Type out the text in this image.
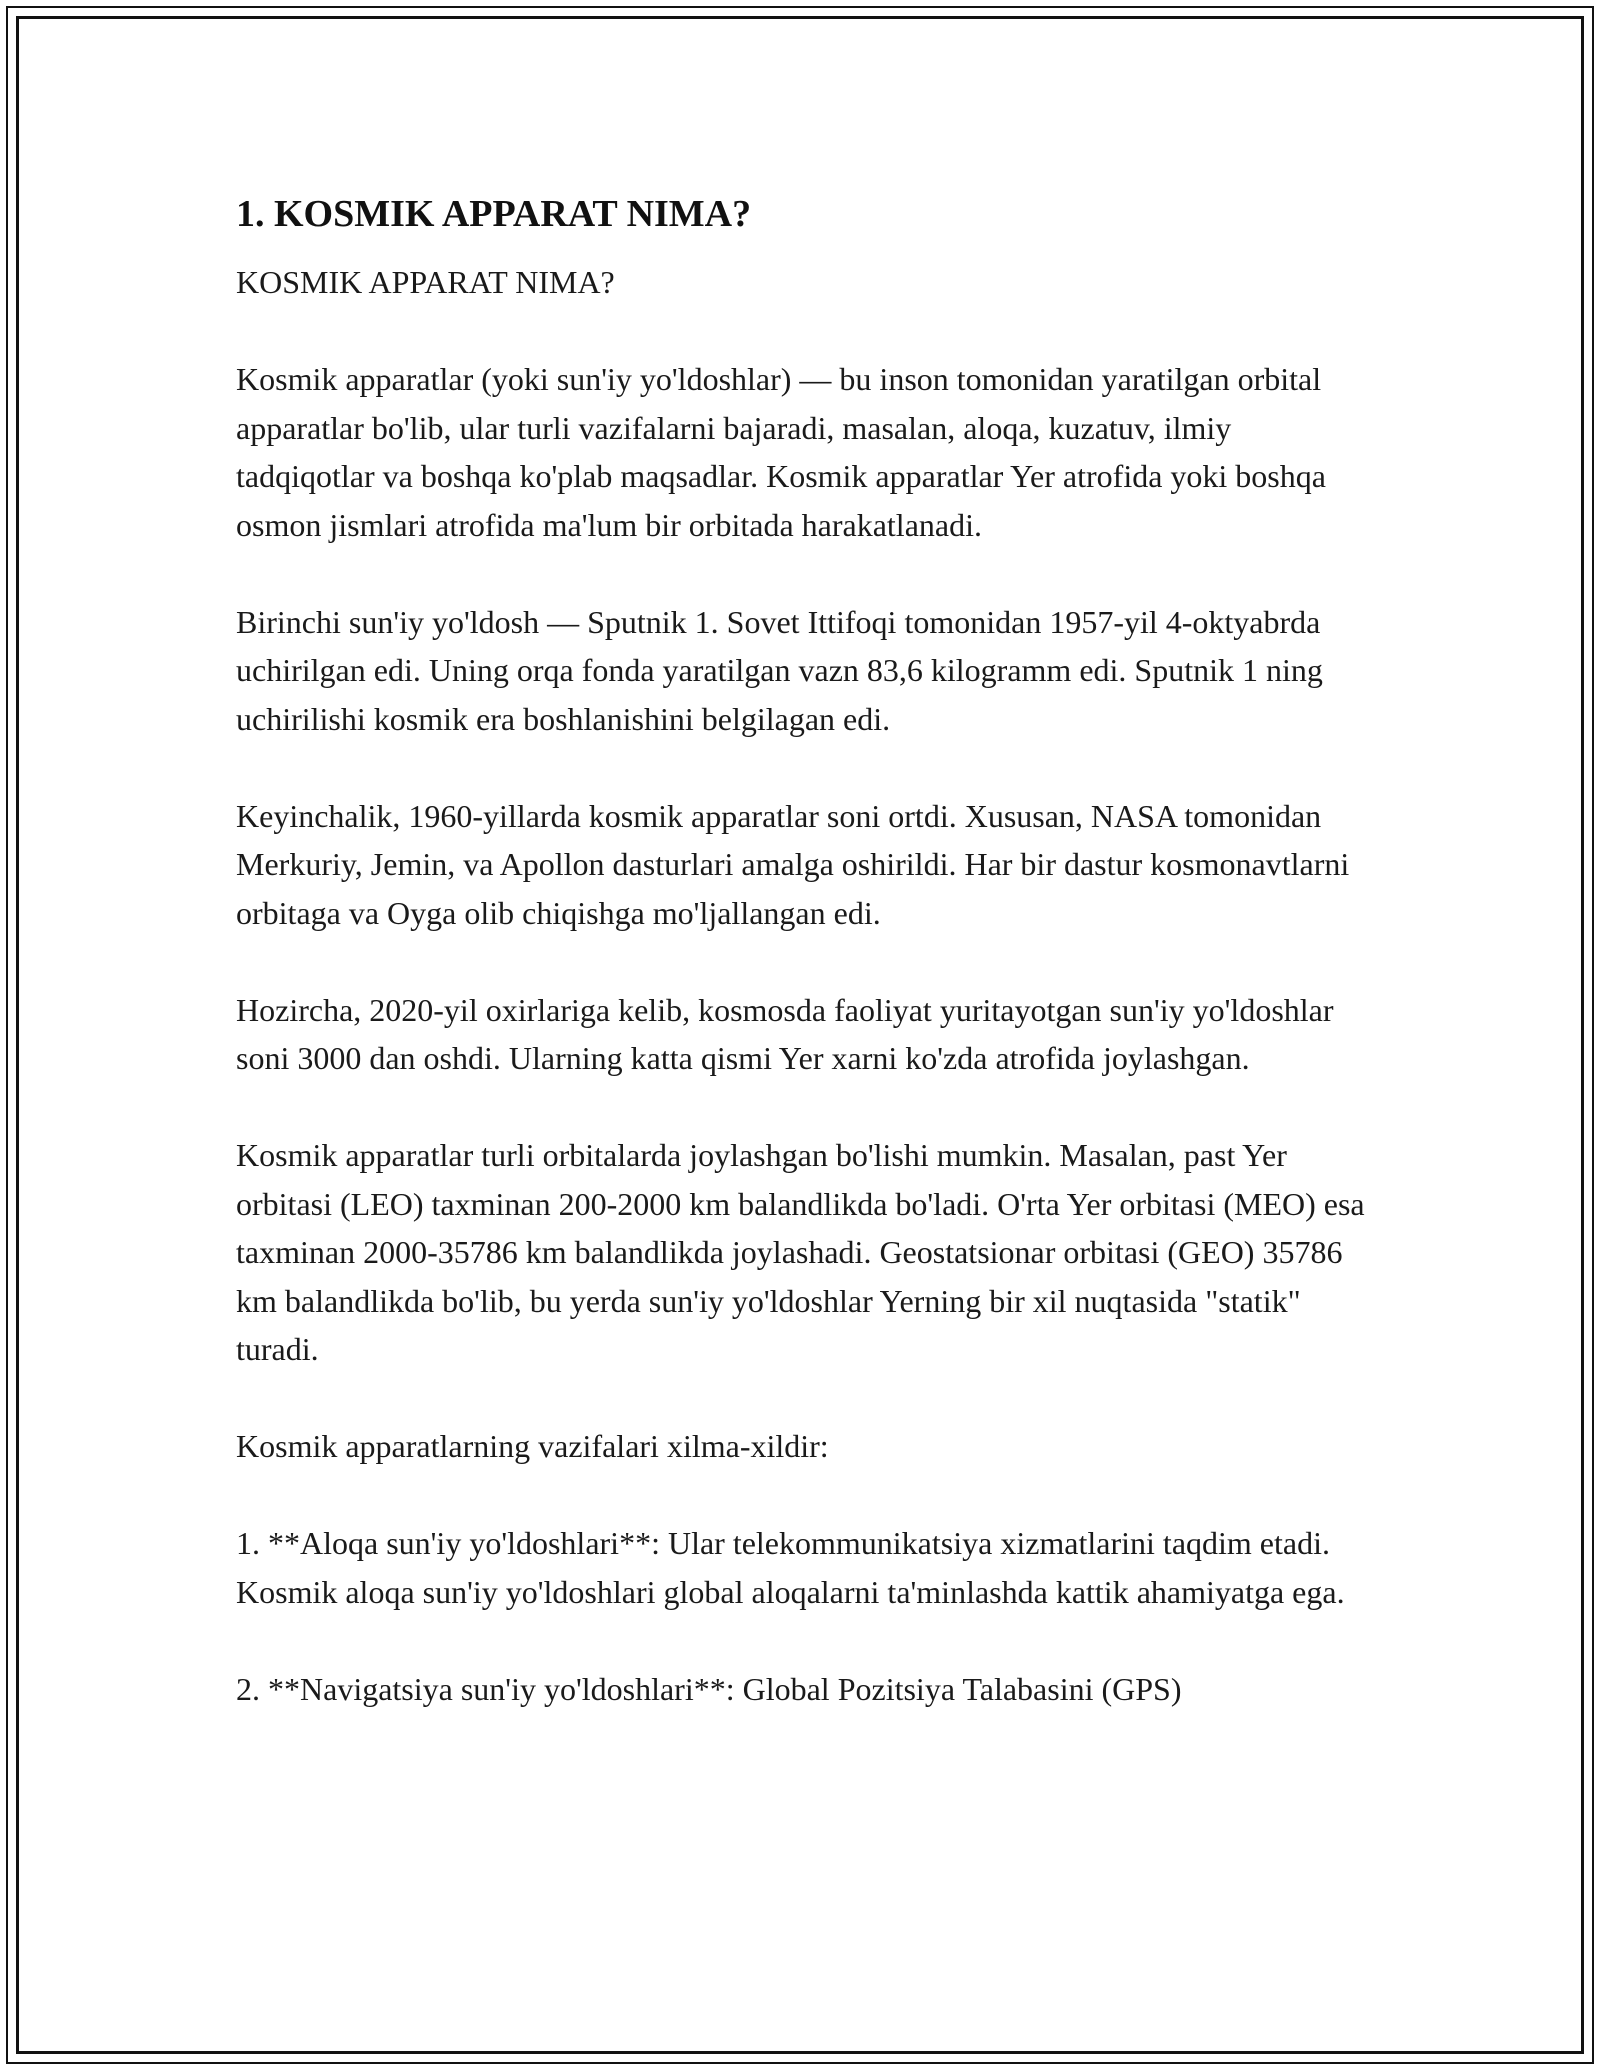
1. KOSMIK APPARAT NIMA?

KOSMIK APPARAT NIMA?

Kosmik apparatlar (yoki sun'iy yo'ldoshlar) — bu inson tomonidan yaratilgan orbital apparatlar bo'lib, ular turli vazifalarni bajaradi, masalan, aloqa, kuzatuv, ilmiy tadqiqotlar va boshqa ko'plab maqsadlar. Kosmik apparatlar Yer atrofida yoki boshqa osmon jismlari atrofida ma'lum bir orbitada harakatlanadi.

Birinchi sun'iy yo'ldosh — Sputnik 1. Sovet Ittifoqi tomonidan 1957-yil 4-oktyabrda uchirilgan edi. Uning orqa fonda yaratilgan vazn 83,6 kilogramm edi. Sputnik 1 ning uchirilishi kosmik era boshlanishini belgilagan edi.

Keyinchalik, 1960-yillarda kosmik apparatlar soni ortdi. Xususan, NASA tomonidan Merkuriy, Jemin, va Apollon dasturlari amalga oshirildi. Har bir dastur kosmonavtlarni orbitaga va Oyga olib chiqishga mo'ljallangan edi.

Hozircha, 2020-yil oxirlariga kelib, kosmosda faoliyat yuritayotgan sun'iy yo'ldoshlar soni 3000 dan oshdi. Ularning katta qismi Yer xarni ko'zda atrofida joylashgan.

Kosmik apparatlar turli orbitalarda joylashgan bo'lishi mumkin. Masalan, past Yer orbitasi (LEO) taxminan 200-2000 km balandlikda bo'ladi. O'rta Yer orbitasi (MEO) esa taxminan 2000-35786 km balandlikda joylashadi. Geostatsionar orbitasi (GEO) 35786 km balandlikda bo'lib, bu yerda sun'iy yo'ldoshlar Yerning bir xil nuqtasida "statik" turadi.

Kosmik apparatlarning vazifalari xilma-xildir:

1. **Aloqa sun'iy yo'ldoshlari**: Ular telekommunikatsiya xizmatlarini taqdim etadi. Kosmik aloqa sun'iy yo'ldoshlari global aloqalarni ta'minlashda kattik ahamiyatga ega.

2. **Navigatsiya sun'iy yo'ldoshlari**: Global Pozitsiya Talabasini (GPS)
